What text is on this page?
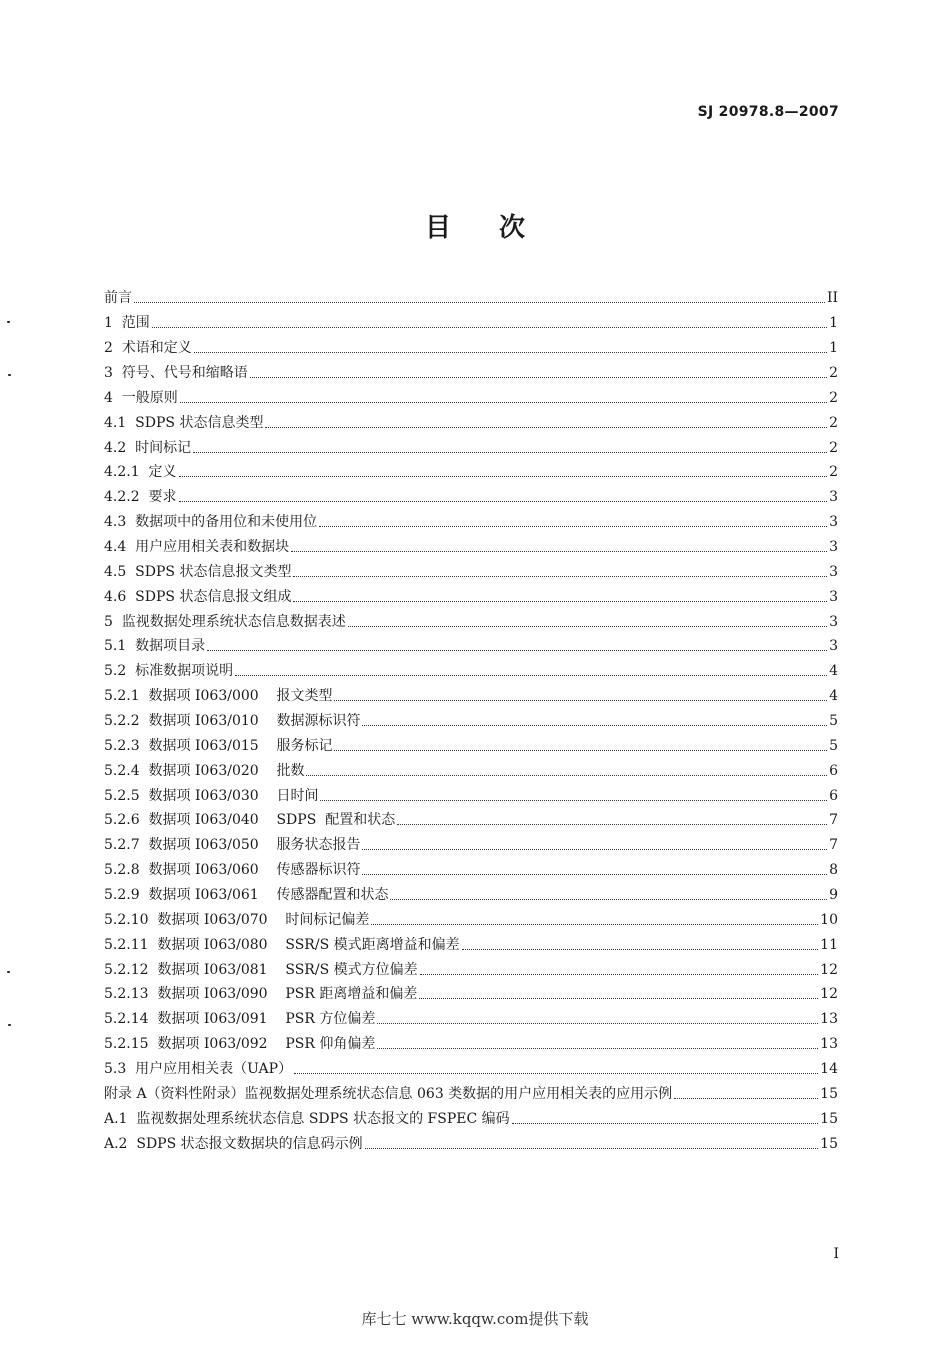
SJ 20978.8—2007
目 次
前言	II
1  范围	1
2  术语和定义	1
3  符号、代号和缩略语	2
4  一般原则	2
4.1  SDPS 状态信息类型	2
4.2  时间标记	2
4.2.1  定义	2
4.2.2  要求	3
4.3  数据项中的备用位和未使用位	3
4.4  用户应用相关表和数据块	3
4.5  SDPS 状态信息报文类型	3
4.6  SDPS 状态信息报文组成	3
5  监视数据处理系统状态信息数据表述	3
5.1  数据项目录	3
5.2  标准数据项说明	4
5.2.1  数据项 I063/000    报文类型	4
5.2.2  数据项 I063/010    数据源标识符	5
5.2.3  数据项 I063/015    服务标记	5
5.2.4  数据项 I063/020    批数	6
5.2.5  数据项 I063/030    日时间	6
5.2.6  数据项 I063/040    SDPS  配置和状态	7
5.2.7  数据项 I063/050    服务状态报告	7
5.2.8  数据项 I063/060    传感器标识符	8
5.2.9  数据项 I063/061    传感器配置和状态	9
5.2.10  数据项 I063/070    时间标记偏差	10
5.2.11  数据项 I063/080    SSR/S 模式距离增益和偏差	11
5.2.12  数据项 I063/081    SSR/S 模式方位偏差	12
5.2.13  数据项 I063/090    PSR 距离增益和偏差	12
5.2.14  数据项 I063/091    PSR 方位偏差	13
5.2.15  数据项 I063/092    PSR 仰角偏差	13
5.3  用户应用相关表（UAP）	14
附录 A（资料性附录）监视数据处理系统状态信息 063 类数据的用户应用相关表的应用示例	15
A.1  监视数据处理系统状态信息 SDPS 状态报文的 FSPEC 编码	15
A.2  SDPS 状态报文数据块的信息码示例	15
I
库七七 www.kqqw.com提供下载
